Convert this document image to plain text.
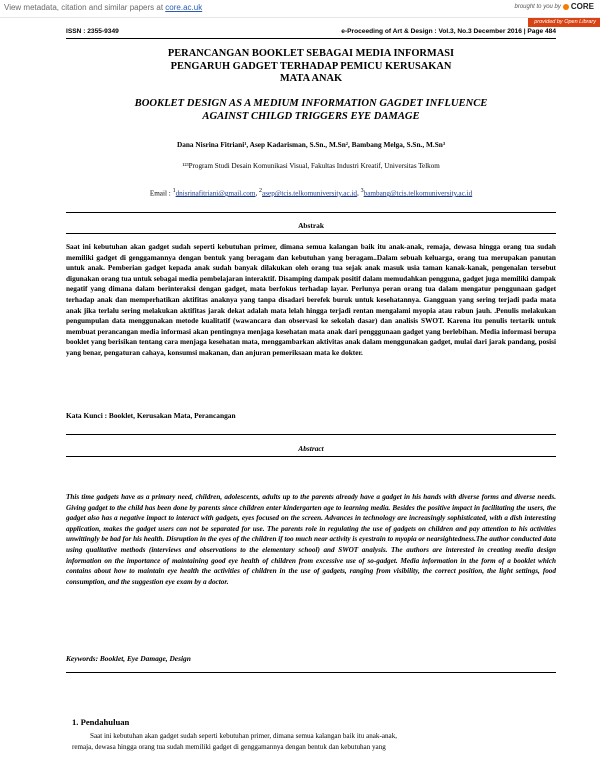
View metadata, citation and similar papers at core.ac.uk	brought to you by CORE
provided by Open Library
ISSN : 2355-9349	e-Proceeding of Art & Design : Vol.3, No.3 December 2016 | Page 484
PERANCANGAN BOOKLET SEBAGAI MEDIA INFORMASI
PENGARUH GADGET TERHADAP PEMICU KERUSAKAN
MATA ANAK
BOOKLET DESIGN AS A MEDIUM INFORMATION GAGDET INFLUENCE
AGAINST CHILGD TRIGGERS EYE DAMAGE
Dana Nisrina Fitriani¹, Asep Kadarisman, S.Sn., M.Sn², Bambang Melga, S.Sn., M.Sn³
¹²³Program Studi Desain Komunikasi Visual, Fakultas Industri Kreatif, Universitas Telkom
Email : $^1$dnisrinafitriani@gmail.com, $^2$asep@tcis.telkomuniversity.ac.id, $^3$bambang@tcis.telkomuniversity.ac.id
Abstrak
Saat ini kebutuhan akan gadget sudah seperti kebutuhan primer, dimana semua kalangan baik itu anak-anak, remaja, dewasa hingga orang tua sudah memiliki gadget di genggamannya dengan bentuk yang beragam dan kebutuhan yang beragam..Dalam sebuah keluarga, orang tua merupakan panutan untuk anak. Pemberian gadget kepada anak sudah banyak dilakukan oleh orang tua sejak anak masuk usia taman kanak-kanak, pengenalan tersebut digunakan orang tua untuk sebagai media pembelajaran interaktif. Disamping dampak positif dalam memudahkan pengguna, gadget juga memiliki dampak negatif yang dimana dalam berinteraksi dengan gadget, mata berfokus terhadap layar. Perlunya peran orang tua dalam mengatur penggunaan gadget terhadap anak dan memperhatikan aktifitas anaknya yang tanpa disadari berefek buruk untuk kesehatannya. Gangguan yang sering terjadi pada mata anak jika terlalu sering melakukan aktifitas jarak dekat adalah mata lelah hingga terjadi rentan mengalami myopia atau rabun jauh. .Penulis melakukan pengumpulan data menggunakan metode kualitatif (wawancara dan observasi ke sekolah dasar) dan analisis SWOT. Karena itu penulis tertarik untuk membuat perancangan media informasi akan pentingnya menjaga kesehatan mata anak dari pengggunaan gadget yang berlebihan. Media informasi berupa booklet yang berisikan tentang cara menjaga kesehatan mata, menggambarkan aktivitas anak dalam menggunakan gadget, mulai dari jarak pandang, posisi yang benar, pengaturan cahaya, konsumsi makanan, dan anjuran pemeriksaan mata ke dokter.
Kata Kunci : Booklet, Kerusakan Mata, Perancangan
Abstract
This time gadgets have as a primary need, children, adolescents, adults up to the parents already have a gadget in his hands with diverse forms and diverse needs. Giving gadget to the child has been done by parents since children enter kindergarten age to learning media. Besides the positive impact in facilitating the users, the gadget also has a negative impact to interact with gadgets, eyes focused on the screen. Advances in technology are increasingly sophisticated, with a dish interesting application, makes the gadget users can not be separated for use. The parents role in regulating the use of gadgets on children and pay attention to his activities unwittingly be bad for his health. Disruption in the eyes of the children if too much near activity is eyestrain to myopia or nearsightedness.The author conducted data using qualitative methods (interviews and observations to the elementary school) and SWOT analysis. The authors are interested in creating media design information on the importance of maintaining good eye health of children from excessive use of so-gadget. Media information in the form of a booklet which contains about how to maintain eye health the activities of children in the use of gadgets, ranging from visibility, the correct position, the light settings, food consumption, and the suggestion eye exam by a doctor.
Keywords: Booklet, Eye Damage, Design
1. Pendahuluan
Saat ini kebutuhan akan gadget sudah seperti kebutuhan primer, dimana semua kalangan baik itu anak-anak,
remaja, dewasa hingga orang tua sudah memiliki gadget di genggamannya dengan bentuk dan kebutuhan yang
